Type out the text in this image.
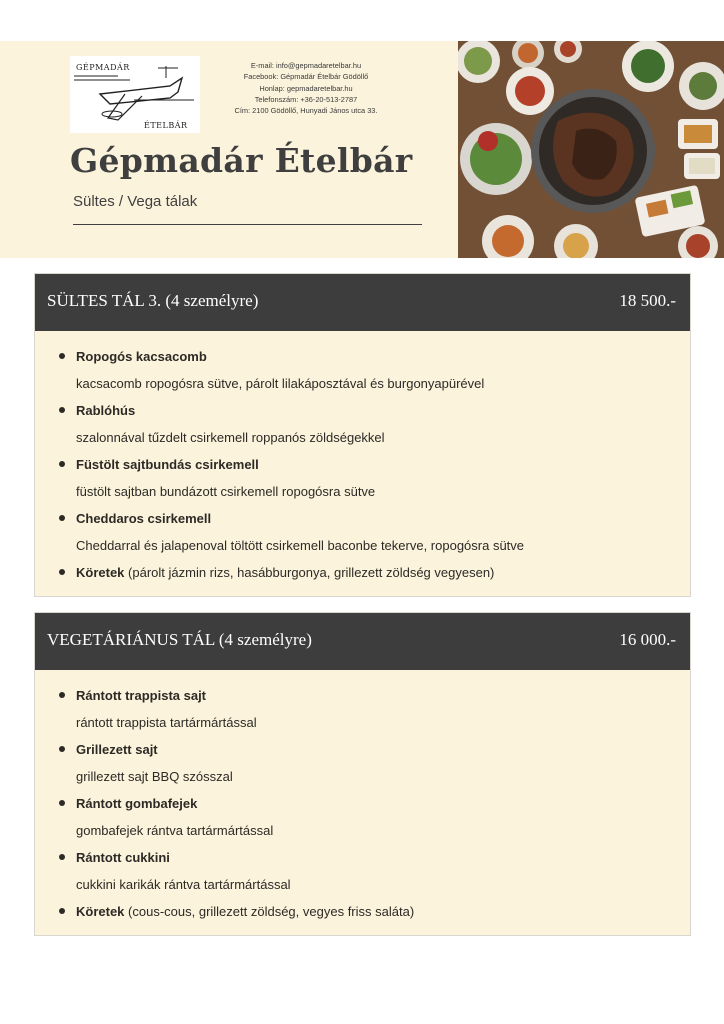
GÉPMADÁR
ÉTELBÁR
E-mail: info@gepmadaretelbar.hu
Facebook: Gépmadár Ételbár Gödöllő
Honlap: gepmadaretelbar.hu
Telefonszám: +36-20-513-2787
Cím: 2100 Gödöllő, Hunyadi János utca 33.
Gépmadár Ételbár
Sültes / Vega tálak
SÜLTES TÁL 3. (4 személyre)	18 500.-
Ropogós kacsacomb
kacsacomb ropogósra sütve, párolt lilakáposztával és burgonyapürével
Rablóhús
szalonnával tűzdelt csirkemell roppanós zöldségekkel
Füstölt sajtbundás csirkemell
füstölt sajtban bundázott csirkemell ropogósra sütve
Cheddaros csirkemell
Cheddarral és jalapenoval töltött csirkemell baconbe tekerve, ropogósra sütve
Köretek (párolt jázmin rizs, hasábburgonya, grillezett zöldség vegyesen)
VEGETÁRIÁNUS TÁL (4 személyre)	16 000.-
Rántott trappista sajt
rántott trappista tartármártással
Grillezett sajt
grillezett sajt BBQ szósszal
Rántott gombafejek
gombafejek rántva tartármártással
Rántott cukkini
cukkini karikák rántva tartármártással
Köretek (cous-cous, grillezett zöldség, vegyes friss saláta)
